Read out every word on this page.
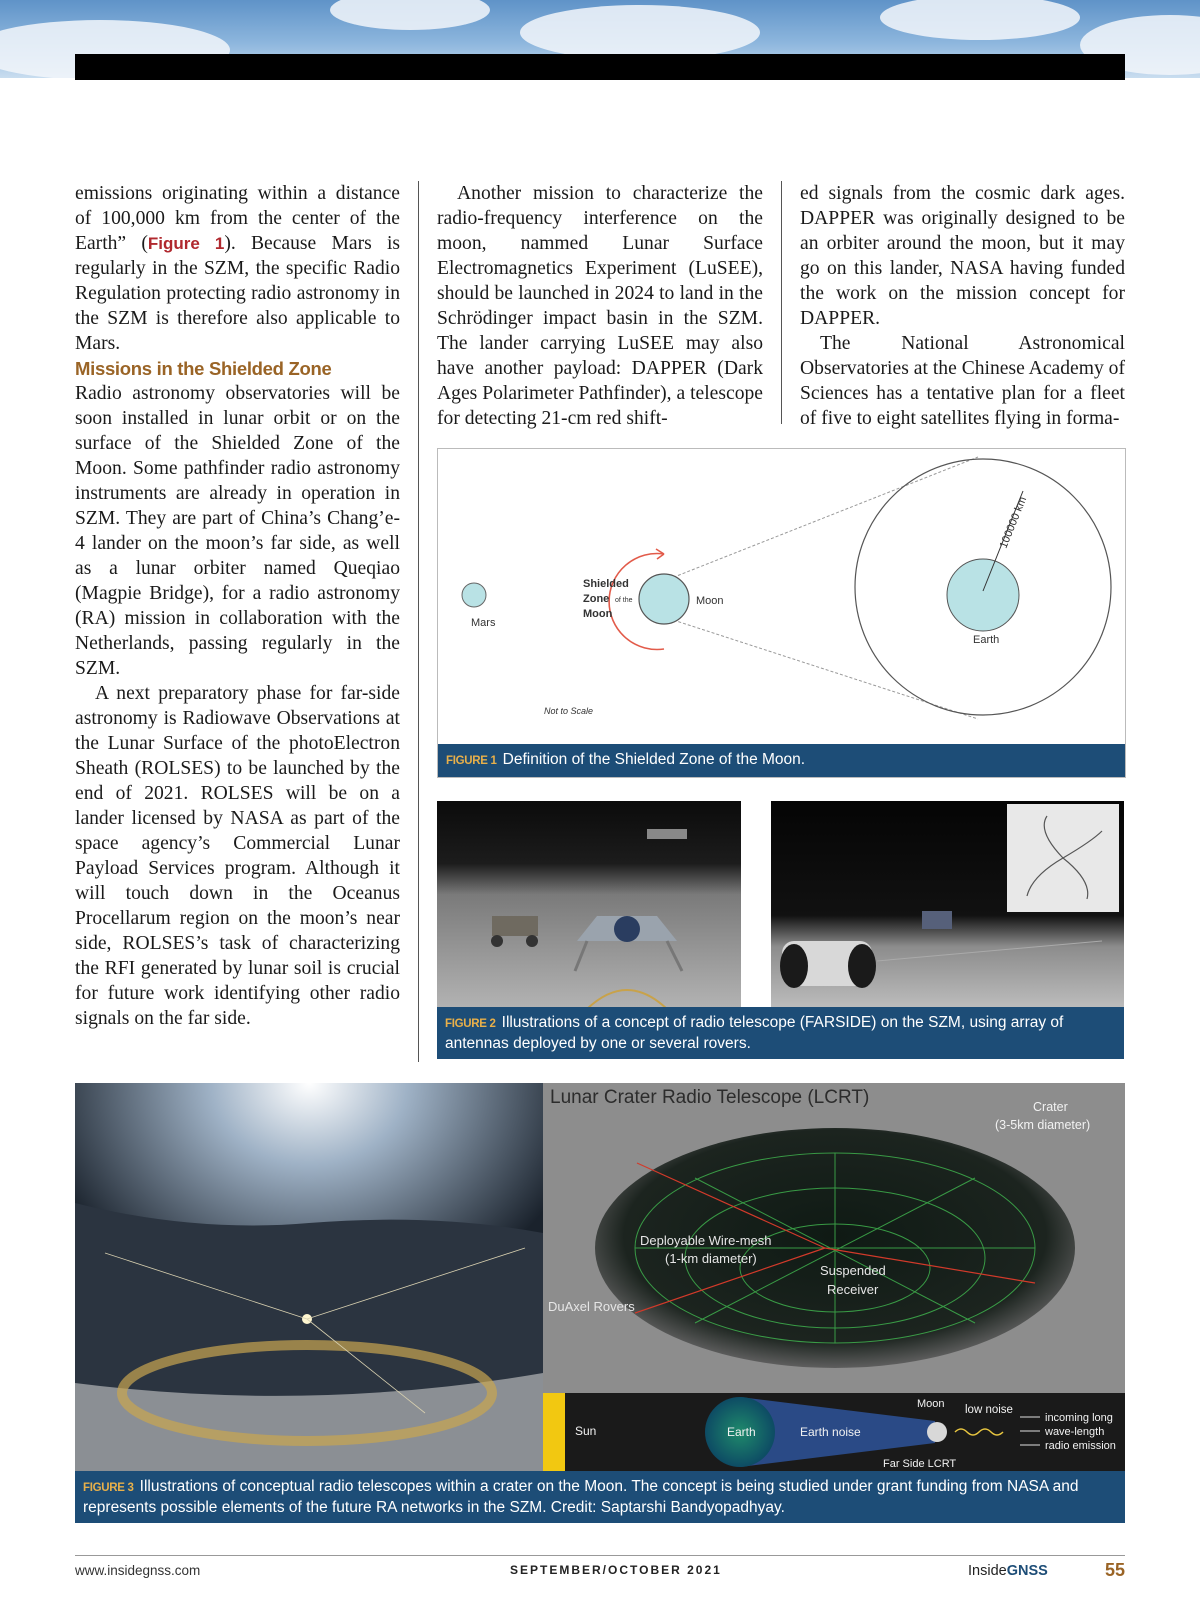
emissions originating within a distance of 100,000 km from the center of the Earth” (Figure 1). Because Mars is regularly in the SZM, the specific Radio Regulation protecting radio astronomy in the SZM is therefore also applicable to Mars.

Missions in the Shielded Zone

Radio astronomy observatories will be soon installed in lunar orbit or on the surface of the Shielded Zone of the Moon. Some pathfinder radio astronomy instruments are already in operation in SZM. They are part of China’s Chang’e-4 lander on the moon’s far side, as well as a lunar orbiter named Queqiao (Magpie Bridge), for a radio astronomy (RA) mission in collaboration with the Netherlands, passing regularly in the SZM.

A next preparatory phase for far-side astronomy is Radiowave Observations at the Lunar Surface of the photoElectron Sheath (ROLSES) to be launched by the end of 2021. ROLSES will be on a lander licensed by NASA as part of the space agency’s Commercial Lunar Payload Services program. Although it will touch down in the Oceanus Procellarum region on the moon’s near side, ROLSES’s task of characterizing the RFI generated by lunar soil is crucial for future work identifying other radio signals on the far side.

Another mission to characterize the radio-frequency interference on the moon, nammed Lunar Surface Electromagnetics Experiment (LuSEE), should be launched in 2024 to land in the Schrödinger impact basin in the SZM. The lander carrying LuSEE may also have another payload: DAPPER (Dark Ages Polarimeter Pathfinder), a telescope for detecting 21-cm red shift-

ed signals from the cosmic dark ages. DAPPER was originally designed to be an orbiter around the moon, but it may go on this lander, NASA having funded the work on the mission concept for DAPPER.

The National Astronomical Observatories at the Chinese Academy of Sciences has a tentative plan for a fleet of five to eight satellites flying in forma-

Mars
Shielded
Zone of the
Moon
Moon
Earth
100000 km
Not to Scale
FIGURE 1 Definition of the Shielded Zone of the Moon.
FIGURE 2 Illustrations of a concept of radio telescope (FARSIDE) on the SZM, using array of antennas deployed by one or several rovers.
Lunar Crater Radio Telescope (LCRT)	Crater
(3-5km diameter)
Deployable Wire-mesh
(1-km diameter)
Suspended
Receiver
DuAxel Rovers
Sun	Earth	Earth noise
Moon low noise
Far Side LCRT
incoming long
wave-length
radio emission
FIGURE 3 Illustrations of conceptual radio telescopes within a crater on the Moon. The concept is being studied under grant funding from NASA and represents possible elements of the future RA networks in the SZM. Credit: Saptarshi Bandyopadhyay.
www.insidegnss.com	SEPTEMBER/OCTOBER 2021	InsideGNSS	55
